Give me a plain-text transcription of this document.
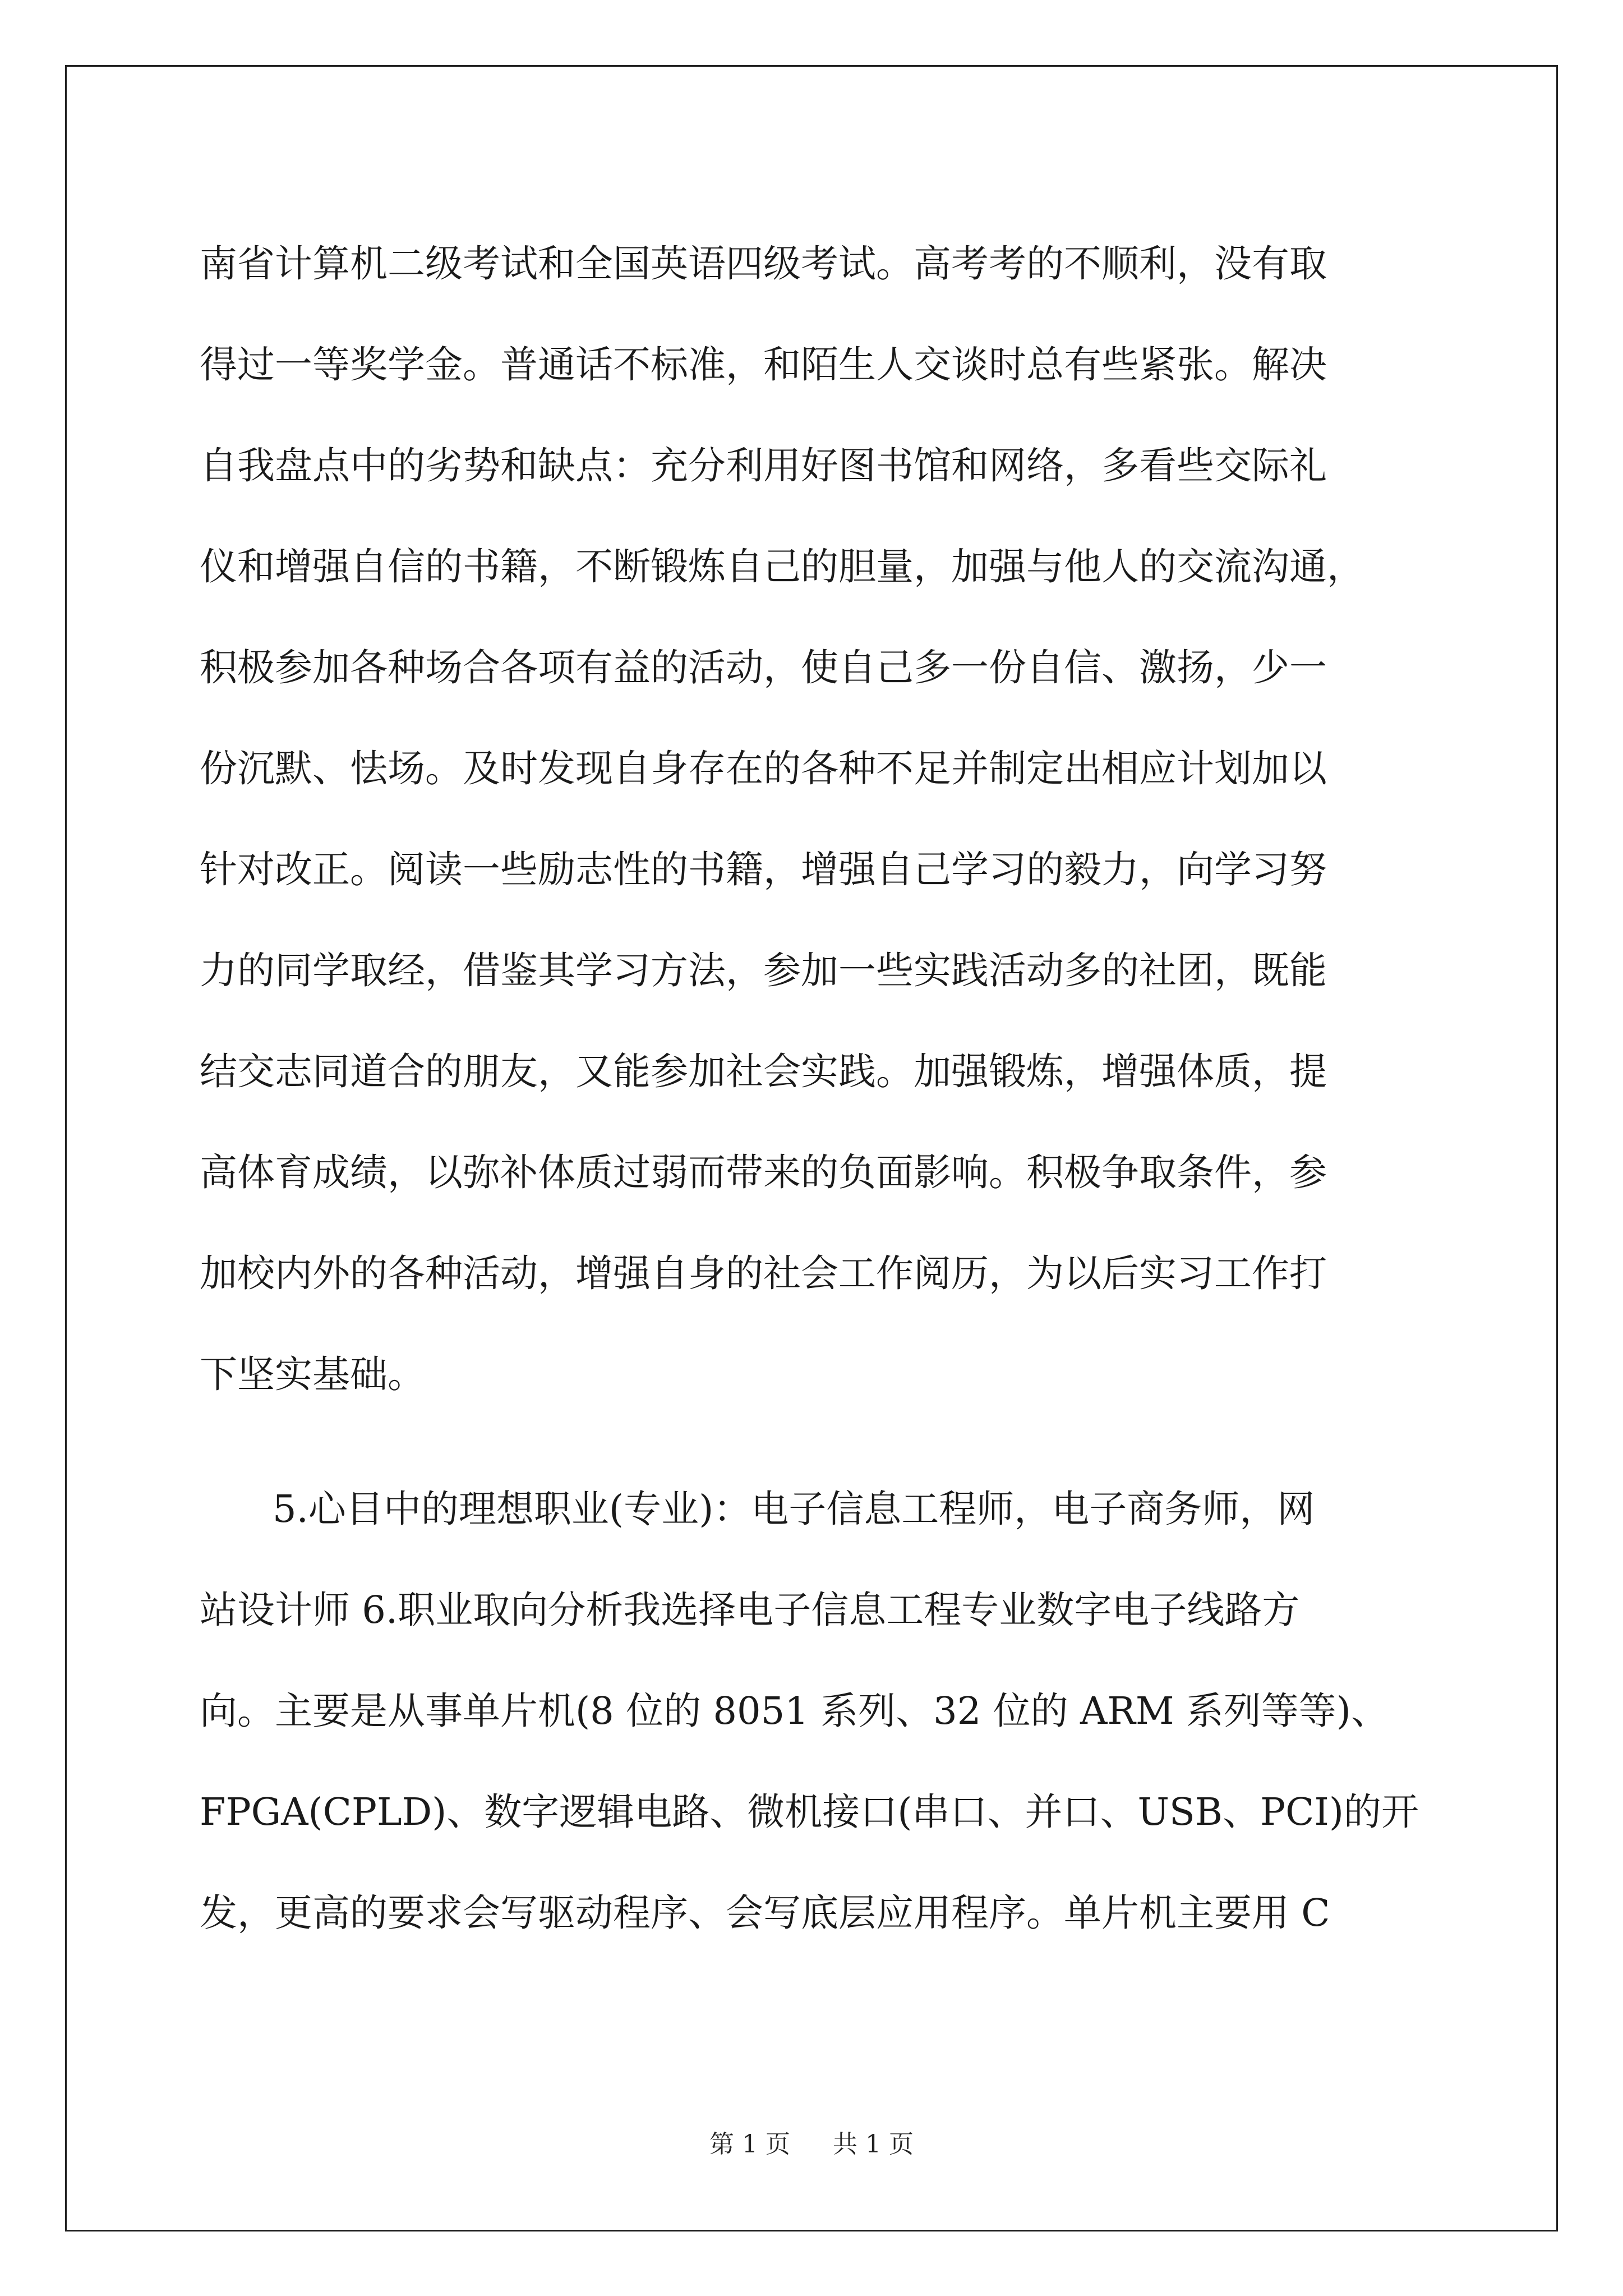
南省计算机二级考试和全国英语四级考试。高考考的不顺利，没有取
得过一等奖学金。普通话不标准，和陌生人交谈时总有些紧张。解决
自我盘点中的劣势和缺点：充分利用好图书馆和网络，多看些交际礼
仪和增强自信的书籍，不断锻炼自己的胆量，加强与他人的交流沟通，
积极参加各种场合各项有益的活动，使自己多一份自信、激扬，少一
份沉默、怯场。及时发现自身存在的各种不足并制定出相应计划加以
针对改正。阅读一些励志性的书籍，增强自己学习的毅力，向学习努
力的同学取经，借鉴其学习方法，参加一些实践活动多的社团，既能
结交志同道合的朋友，又能参加社会实践。加强锻炼，增强体质，提
高体育成绩，以弥补体质过弱而带来的负面影响。积极争取条件，参
加校内外的各种活动，增强自身的社会工作阅历，为以后实习工作打
下坚实基础。
5.心目中的理想职业(专业)：电子信息工程师，电子商务师，网
站设计师 6.职业取向分析我选择电子信息工程专业数字电子线路方
向。主要是从事单片机(8 位的 8051 系列、32 位的 ARM 系列等等)、
FPGA(CPLD)、数字逻辑电路、微机接口(串口、并口、USB、PCI)的开
发，更高的要求会写驱动程序、会写底层应用程序。单片机主要用 C
第 1 页 共 1 页
